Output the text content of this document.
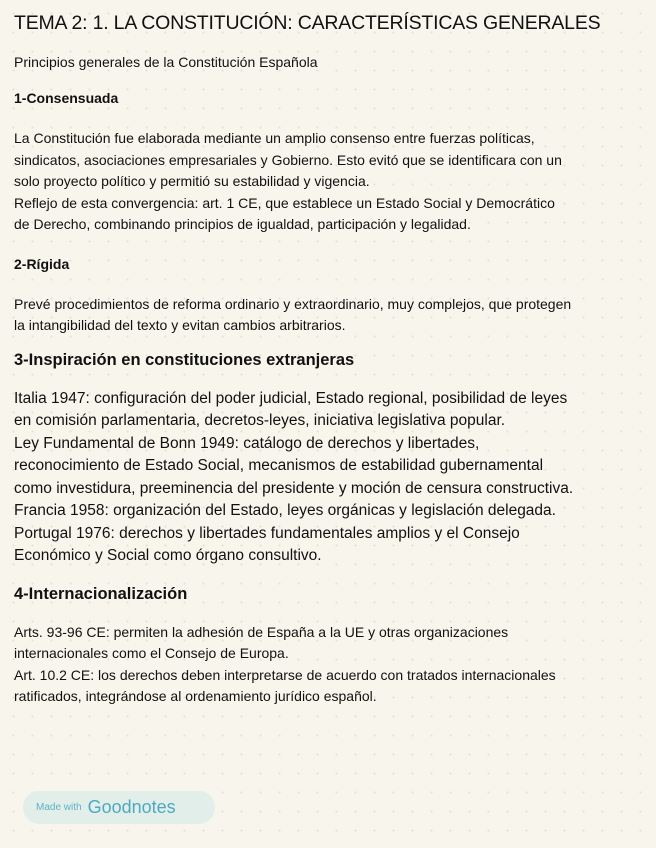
TEMA 2: 1. LA CONSTITUCIÓN: CARACTERÍSTICAS GENERALES
Principios generales de la Constitución Española
1-Consensuada
La Constitución fue elaborada mediante un amplio consenso entre fuerzas políticas,
sindicatos, asociaciones empresariales y Gobierno. Esto evitó que se identificara con un
solo proyecto político y permitió su estabilidad y vigencia.
Reflejo de esta convergencia: art. 1 CE, que establece un Estado Social y Democrático
de Derecho, combinando principios de igualdad, participación y legalidad.
2-Rígida
Prevé procedimientos de reforma ordinario y extraordinario, muy complejos, que protegen
la intangibilidad del texto y evitan cambios arbitrarios.
3-Inspiración en constituciones extranjeras
Italia 1947: configuración del poder judicial, Estado regional, posibilidad de leyes
en comisión parlamentaria, decretos-leyes, iniciativa legislativa popular.
Ley Fundamental de Bonn 1949: catálogo de derechos y libertades,
reconocimiento de Estado Social, mecanismos de estabilidad gubernamental
como investidura, preeminencia del presidente y moción de censura constructiva.
Francia 1958: organización del Estado, leyes orgánicas y legislación delegada.
Portugal 1976: derechos y libertades fundamentales amplios y el Consejo
Económico y Social como órgano consultivo.
4-Internacionalización
Arts. 93-96 CE: permiten la adhesión de España a la UE y otras organizaciones
internacionales como el Consejo de Europa.
Art. 10.2 CE: los derechos deben interpretarse de acuerdo con tratados internacionales
ratificados, integrándose al ordenamiento jurídico español.
Made with Goodnotes
